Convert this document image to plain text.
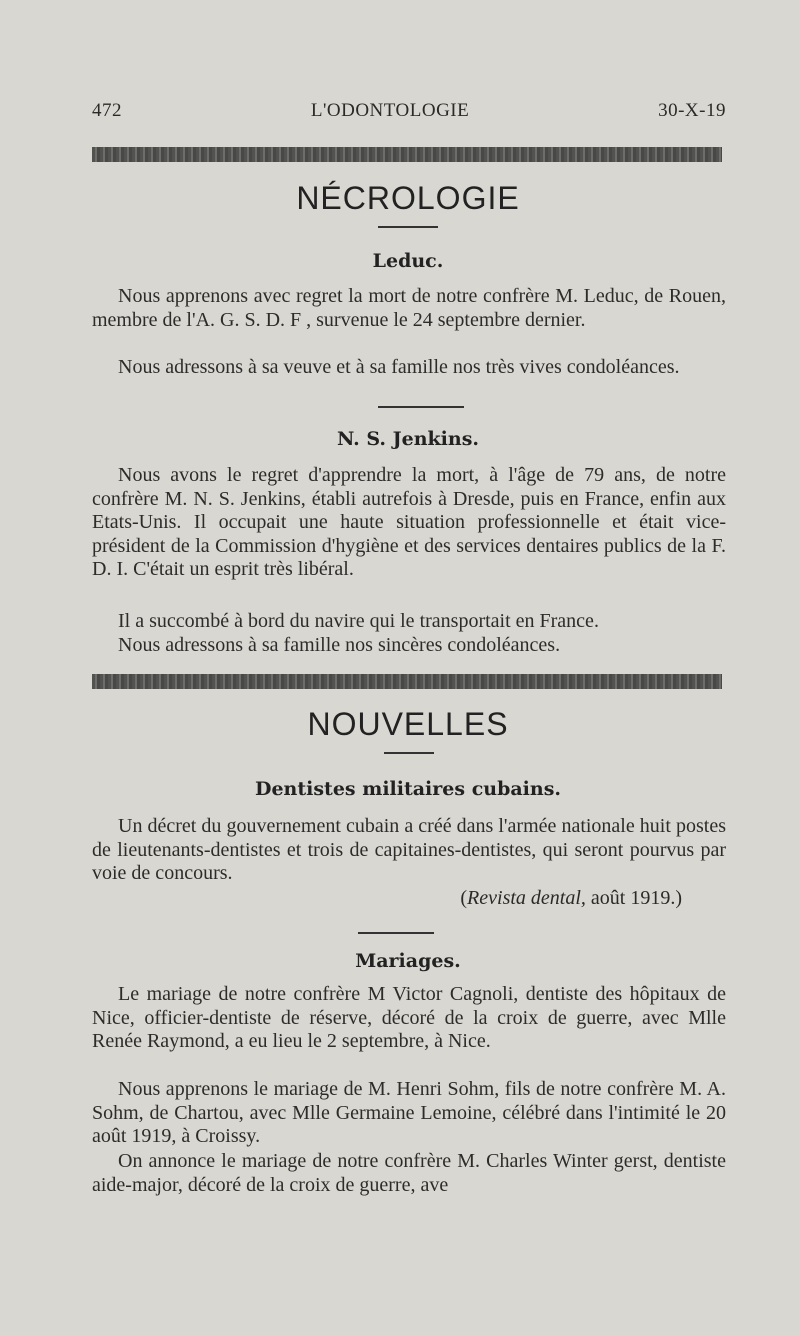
472	L'ODONTOLOGIE	30-X-19
NÉCROLOGIE
Leduc.
Nous apprenons avec regret la mort de notre confrère M. Leduc, de Rouen, membre de l'A. G. S. D. F , survenue le 24 septembre dernier.
Nous adressons à sa veuve et à sa famille nos très vives condoléances.
N. S. Jenkins.
Nous avons le regret d'apprendre la mort, à l'âge de 79 ans, de notre confrère M. N. S. Jenkins, établi autrefois à Dresde, puis en France, enfin aux Etats-Unis. Il occupait une haute situation professionnelle et était vice-président de la Commission d'hygiène et des services dentaires publics de la F. D. I. C'était un esprit très libéral.
Il a succombé à bord du navire qui le transportait en France.
Nous adressons à sa famille nos sincères condoléances.
NOUVELLES
Dentistes militaires cubains.
Un décret du gouvernement cubain a créé dans l'armée nationale huit postes de lieutenants-dentistes et trois de capitaines-dentistes, qui seront pourvus par voie de concours.
(Revista dental, août 1919.)
Mariages.
Le mariage de notre confrère M Victor Cagnoli, dentiste des hôpitaux de Nice, officier-dentiste de réserve, décoré de la croix de guerre, avec Mlle Renée Raymond, a eu lieu le 2 septembre, à Nice.
Nous apprenons le mariage de M. Henri Sohm, fils de notre confrère M. A. Sohm, de Chartou, avec Mlle Germaine Lemoine, célébré dans l'intimité le 20 août 1919, à Croissy.
On annonce le mariage de notre confrère M. Charles Winter gerst, dentiste aide-major, décoré de la croix de guerre, ave
